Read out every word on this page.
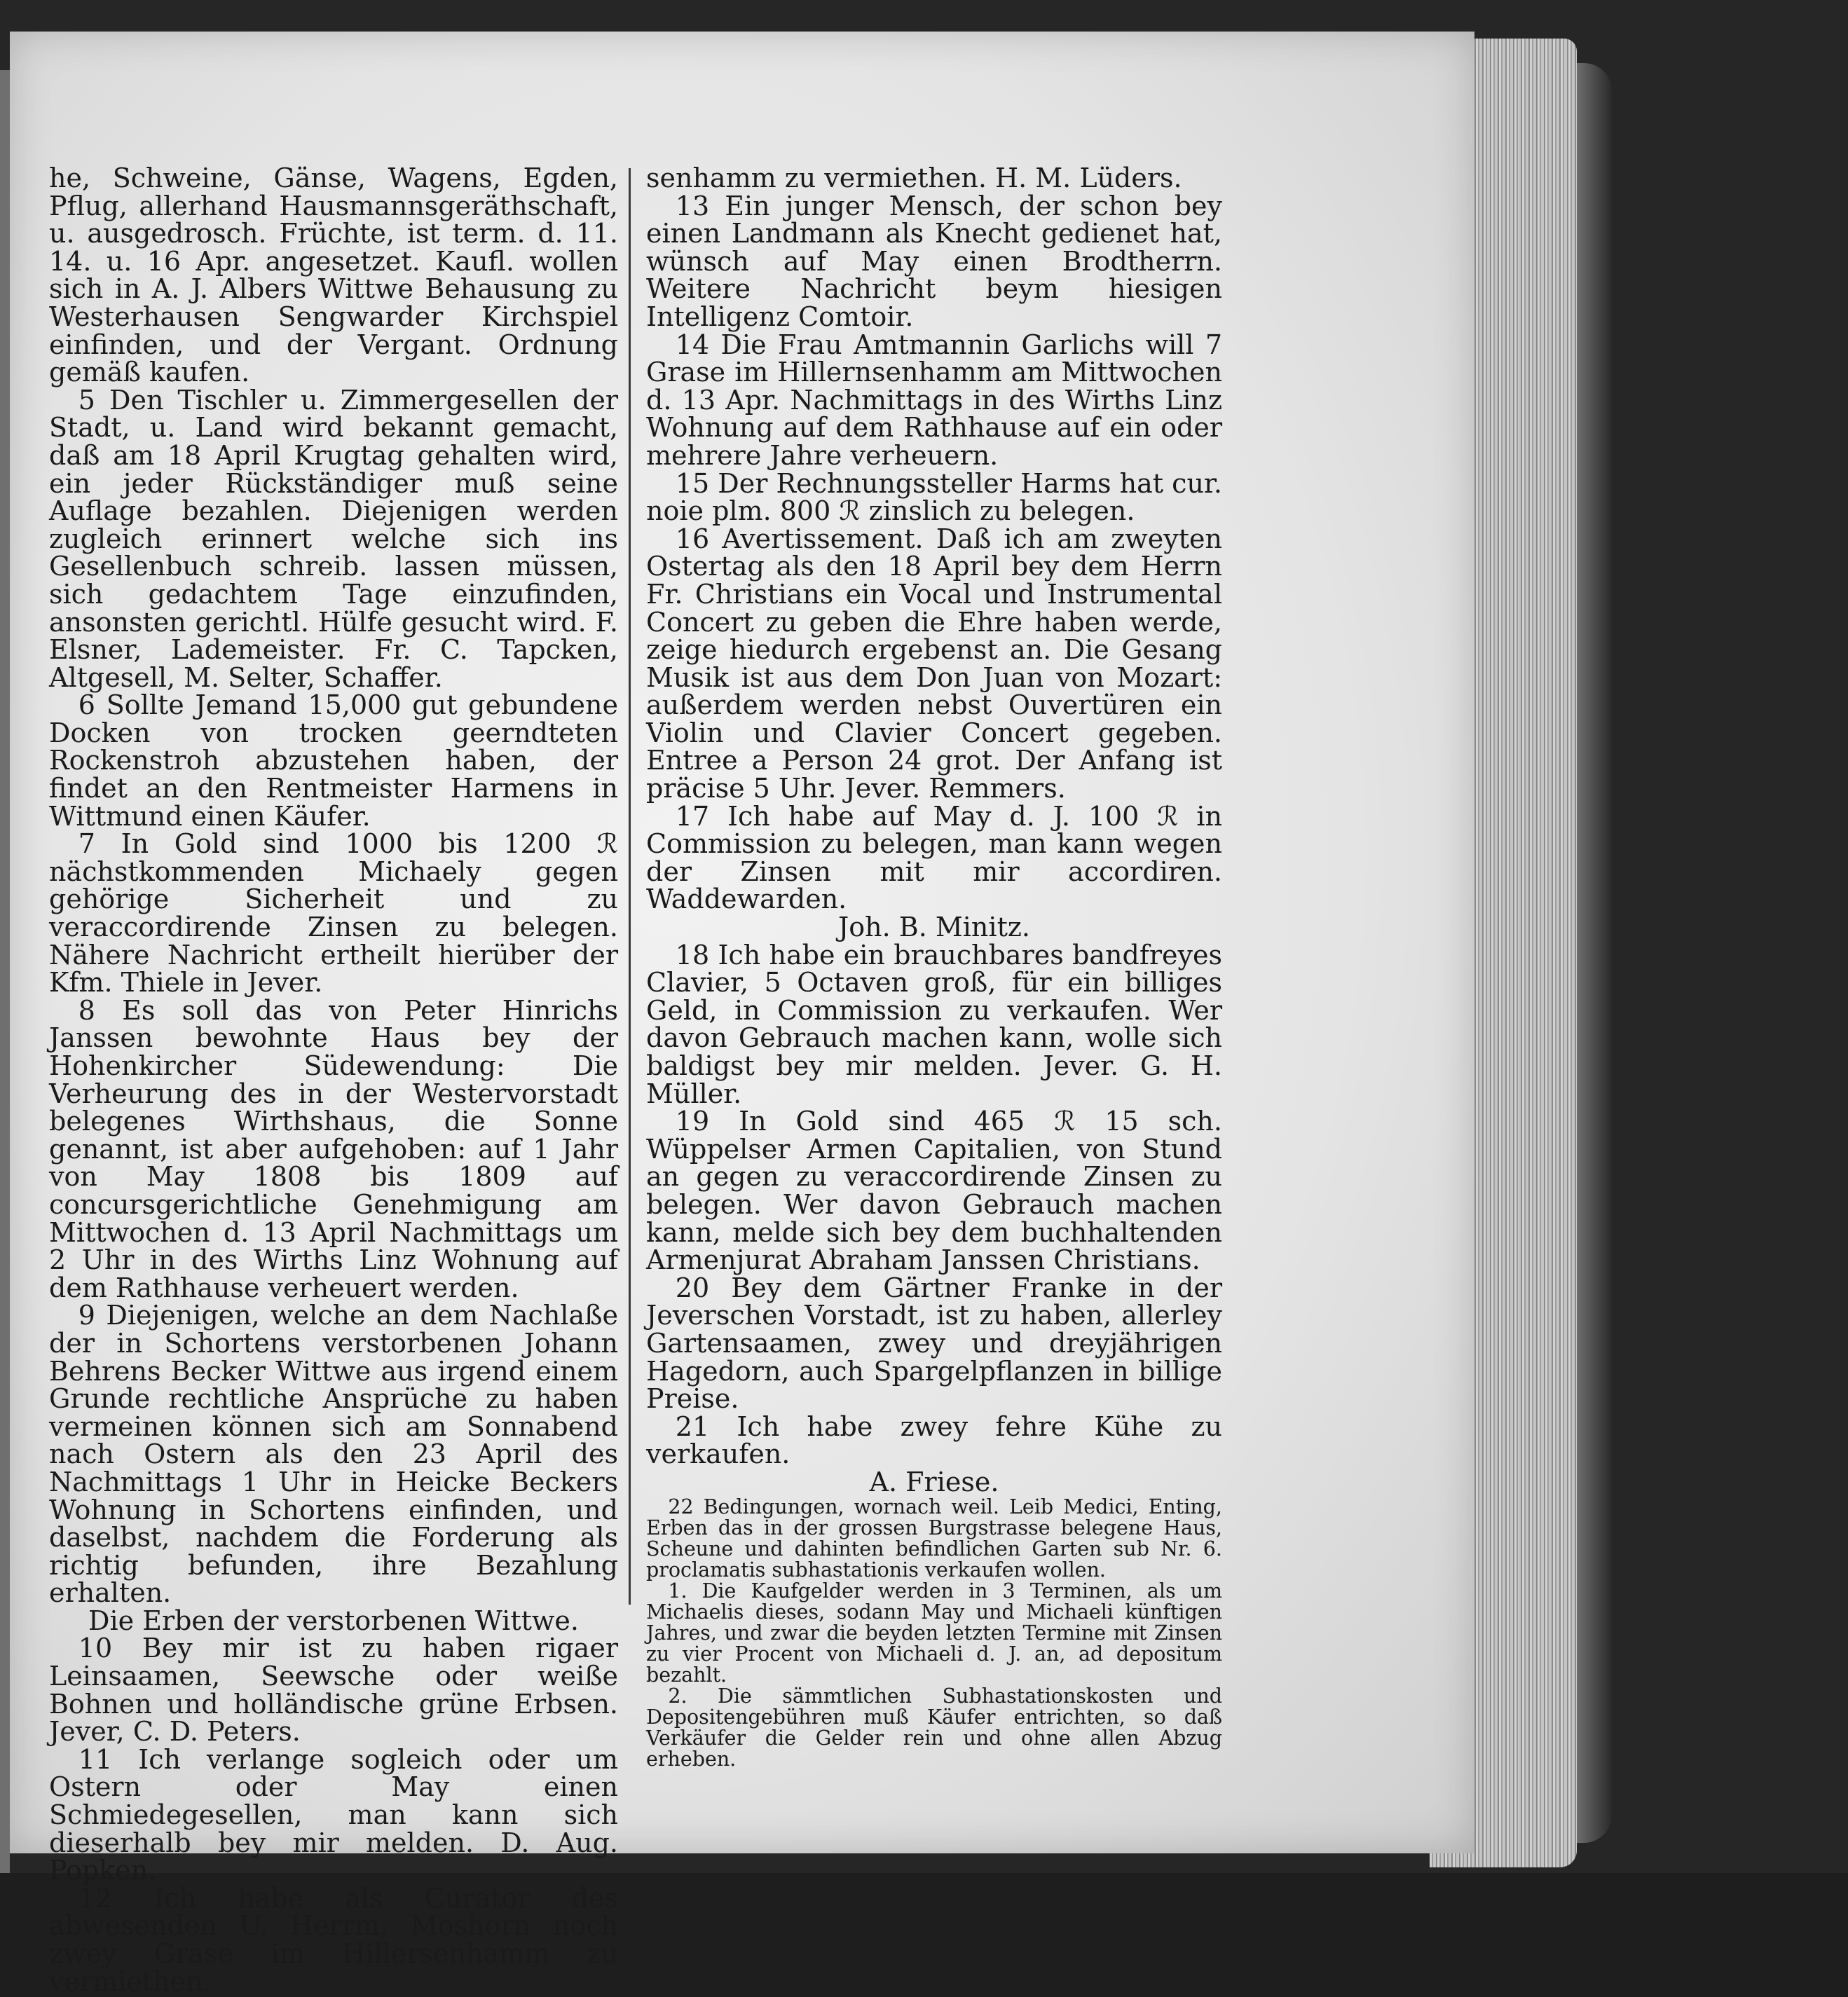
he, Schweine, Gänse, Wagens, Egden, Pflug, allerhand Hausmannsgeräthschaft, u. ausgedrosch. Früchte, ist term. d. 11. 14. u. 16 Apr. angesetzet. Kaufl. wollen sich in A. J. Albers Wittwe Behausung zu Westerhausen Sengwarder Kirchspiel einfinden, und der Vergant. Ordnung gemäß kaufen.

5 Den Tischler u. Zimmergesellen der Stadt, u. Land wird bekannt gemacht, daß am 18 April Krugtag gehalten wird, ein jeder Rückständiger muß seine Auflage bezahlen. Diejenigen werden zugleich erinnert welche sich ins Gesellenbuch schreib. lassen müssen, sich gedachtem Tage einzufinden, ansonsten gerichtl. Hülfe gesucht wird. F. Elsner, Lademeister. Fr. C. Tapcken, Altgesell, M. Selter, Schaffer.

6 Sollte Jemand 15,000 gut gebundene Docken von trocken geerndteten Rockenstroh abzustehen haben, der findet an den Rentmeister Harmens in Wittmund einen Käufer.

7 In Gold sind 1000 bis 1200 ℛ nächstkommenden Michaely gegen gehörige Sicherheit und zu veraccordirende Zinsen zu belegen. Nähere Nachricht ertheilt hierüber der Kfm. Thiele in Jever.

8 Es soll das von Peter Hinrichs Janssen bewohnte Haus bey der Hohenkircher Südewendung: Die Verheurung des in der Westervorstadt belegenes Wirthshaus, die Sonne genannt, ist aber aufgehoben: auf 1 Jahr von May 1808 bis 1809 auf concursgerichtliche Genehmigung am Mittwochen d. 13 April Nachmittags um 2 Uhr in des Wirths Linz Wohnung auf dem Rathhause verheuert werden.

9 Diejenigen, welche an dem Nachlaße der in Schortens verstorbenen Johann Behrens Becker Wittwe aus irgend einem Grunde rechtliche Ansprüche zu haben vermeinen können sich am Sonnabend nach Ostern als den 23 April des Nachmittags 1 Uhr in Heicke Beckers Wohnung in Schortens einfinden, und daselbst, nachdem die Forderung als richtig befunden, ihre Bezahlung erhalten.

Die Erben der verstorbenen Wittwe.

10 Bey mir ist zu haben rigaer Leinsaamen, Seewsche oder weiße Bohnen und holländische grüne Erbsen. Jever, C. D. Peters.

11 Ich verlange sogleich oder um Ostern oder May einen Schmiedegesellen, man kann sich dieserhalb bey mir melden. D. Aug. Popken.

12 Ich habe als Curator des abwesenden U. Herrm. Moshorn noch zwey Grase im Hillersenhamm zu vermiethen.

senhamm zu vermiethen. H. M. Lüders.

13 Ein junger Mensch, der schon bey einen Landmann als Knecht gedienet hat, wünsch auf May einen Brodtherrn. Weitere Nachricht beym hiesigen Intelligenz Comtoir.

14 Die Frau Amtmannin Garlichs will 7 Grase im Hillernsenhamm am Mittwochen d. 13 Apr. Nachmittags in des Wirths Linz Wohnung auf dem Rathhause auf ein oder mehrere Jahre verheuern.

15 Der Rechnungssteller Harms hat cur. noie plm. 800 ℛ zinslich zu belegen.

16 Avertissement. Daß ich am zweyten Ostertag als den 18 April bey dem Herrn Fr. Christians ein Vocal und Instrumental Concert zu geben die Ehre haben werde, zeige hiedurch ergebenst an. Die Gesang Musik ist aus dem Don Juan von Mozart: außerdem werden nebst Ouvertüren ein Violin und Clavier Concert gegeben. Entree a Person 24 grot. Der Anfang ist präcise 5 Uhr. Jever. Remmers.

17 Ich habe auf May d. J. 100 ℛ in Commission zu belegen, man kann wegen der Zinsen mit mir accordiren. Waddewarden.

Joh. B. Minitz.

18 Ich habe ein brauchbares bandfreyes Clavier, 5 Octaven groß, für ein billiges Geld, in Commission zu verkaufen. Wer davon Gebrauch machen kann, wolle sich baldigst bey mir melden. Jever. G. H. Müller.

19 In Gold sind 465 ℛ 15 sch. Wüppelser Armen Capitalien, von Stund an gegen zu veraccordirende Zinsen zu belegen. Wer davon Gebrauch machen kann, melde sich bey dem buchhaltenden Armenjurat Abraham Janssen Christians.

20 Bey dem Gärtner Franke in der Jeverschen Vorstadt, ist zu haben, allerley Gartensaamen, zwey und dreyjährigen Hagedorn, auch Spargelpflanzen in billige Preise.

21 Ich habe zwey fehre Kühe zu verkaufen.

A. Friese.

22 Bedingungen, wornach weil. Leib Medici, Enting, Erben das in der grossen Burgstrasse belegene Haus, Scheune und dahinten befindlichen Garten sub Nr. 6. proclamatis subhastationis verkaufen wollen.

1. Die Kaufgelder werden in 3 Terminen, als um Michaelis dieses, sodann May und Michaeli künftigen Jahres, und zwar die beyden letzten Termine mit Zinsen zu vier Procent von Michaeli d. J. an, ad depositum bezahlt.

2. Die sämmtlichen Subhastationskosten und Depositengebühren muß Käufer entrichten, so daß Verkäufer die Gelder rein und ohne allen Abzug erheben.
